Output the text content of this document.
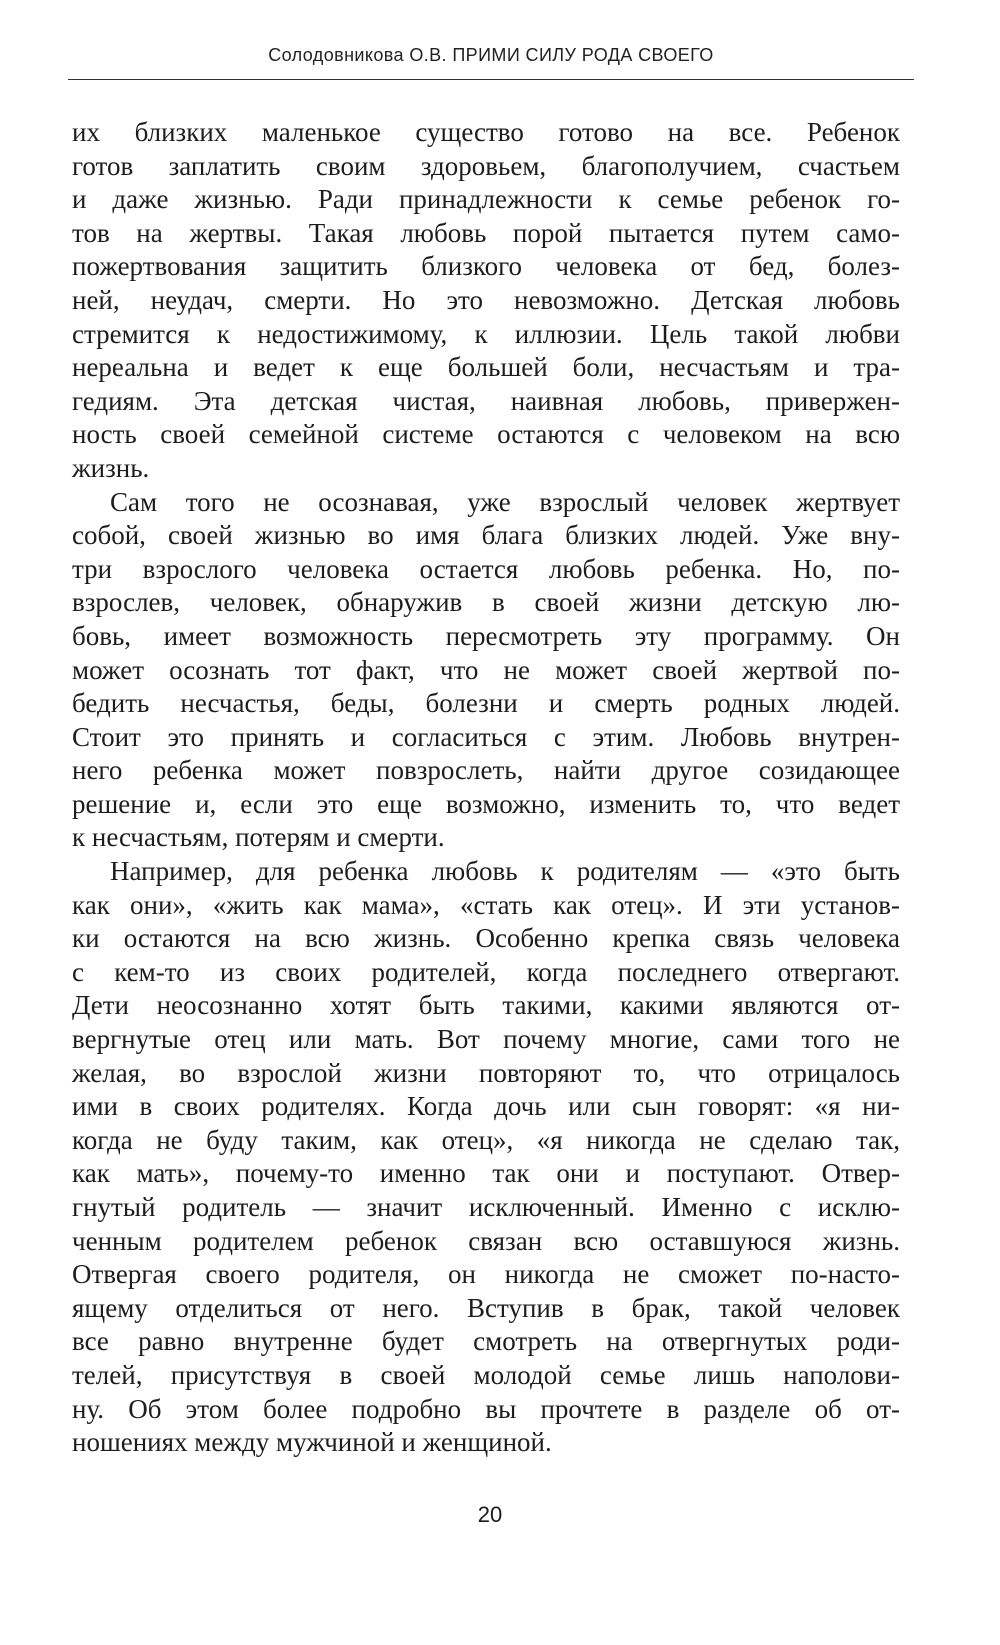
Солодовникова О.В. ПРИМИ СИЛУ РОДА СВОЕГО

их близких маленькое существо готово на все. Ребенок
готов заплатить своим здоровьем, благополучием, счастьем
и даже жизнью. Ради принадлежности к семье ребенок го-
тов на жертвы. Такая любовь порой пытается путем само-
пожертвования защитить близкого человека от бед, болез-
ней, неудач, смерти. Но это невозможно. Детская любовь
стремится к недостижимому, к иллюзии. Цель такой любви
нереальна и ведет к еще большей боли, несчастьям и тра-
гедиям. Эта детская чистая, наивная любовь, привержен-
ность своей семейной системе остаются с человеком на всю
жизнь.
Сам того не осознавая, уже взрослый человек жертвует
собой, своей жизнью во имя блага близких людей. Уже вну-
три взрослого человека остается любовь ребенка. Но, по-
взрослев, человек, обнаружив в своей жизни детскую лю-
бовь, имеет возможность пересмотреть эту программу. Он
может осознать тот факт, что не может своей жертвой по-
бедить несчастья, беды, болезни и смерть родных людей.
Стоит это принять и согласиться с этим. Любовь внутрен-
него ребенка может повзрослеть, найти другое созидающее
решение и, если это еще возможно, изменить то, что ведет
к несчастьям, потерям и смерти.
Например, для ребенка любовь к родителям — «это быть
как они», «жить как мама», «стать как отец». И эти установ-
ки остаются на всю жизнь. Особенно крепка связь человека
с кем-то из своих родителей, когда последнего отвергают.
Дети неосознанно хотят быть такими, какими являются от-
вергнутые отец или мать. Вот почему многие, сами того не
желая, во взрослой жизни повторяют то, что отрицалось
ими в своих родителях. Когда дочь или сын говорят: «я ни-
когда не буду таким, как отец», «я никогда не сделаю так,
как мать», почему-то именно так они и поступают. Отвер-
гнутый родитель — значит исключенный. Именно с исклю-
ченным родителем ребенок связан всю оставшуюся жизнь.
Отвергая своего родителя, он никогда не сможет по-насто-
ящему отделиться от него. Вступив в брак, такой человек
все равно внутренне будет смотреть на отвергнутых роди-
телей, присутствуя в своей молодой семье лишь наполови-
ну. Об этом более подробно вы прочтете в разделе об от-
ношениях между мужчиной и женщиной.

20
